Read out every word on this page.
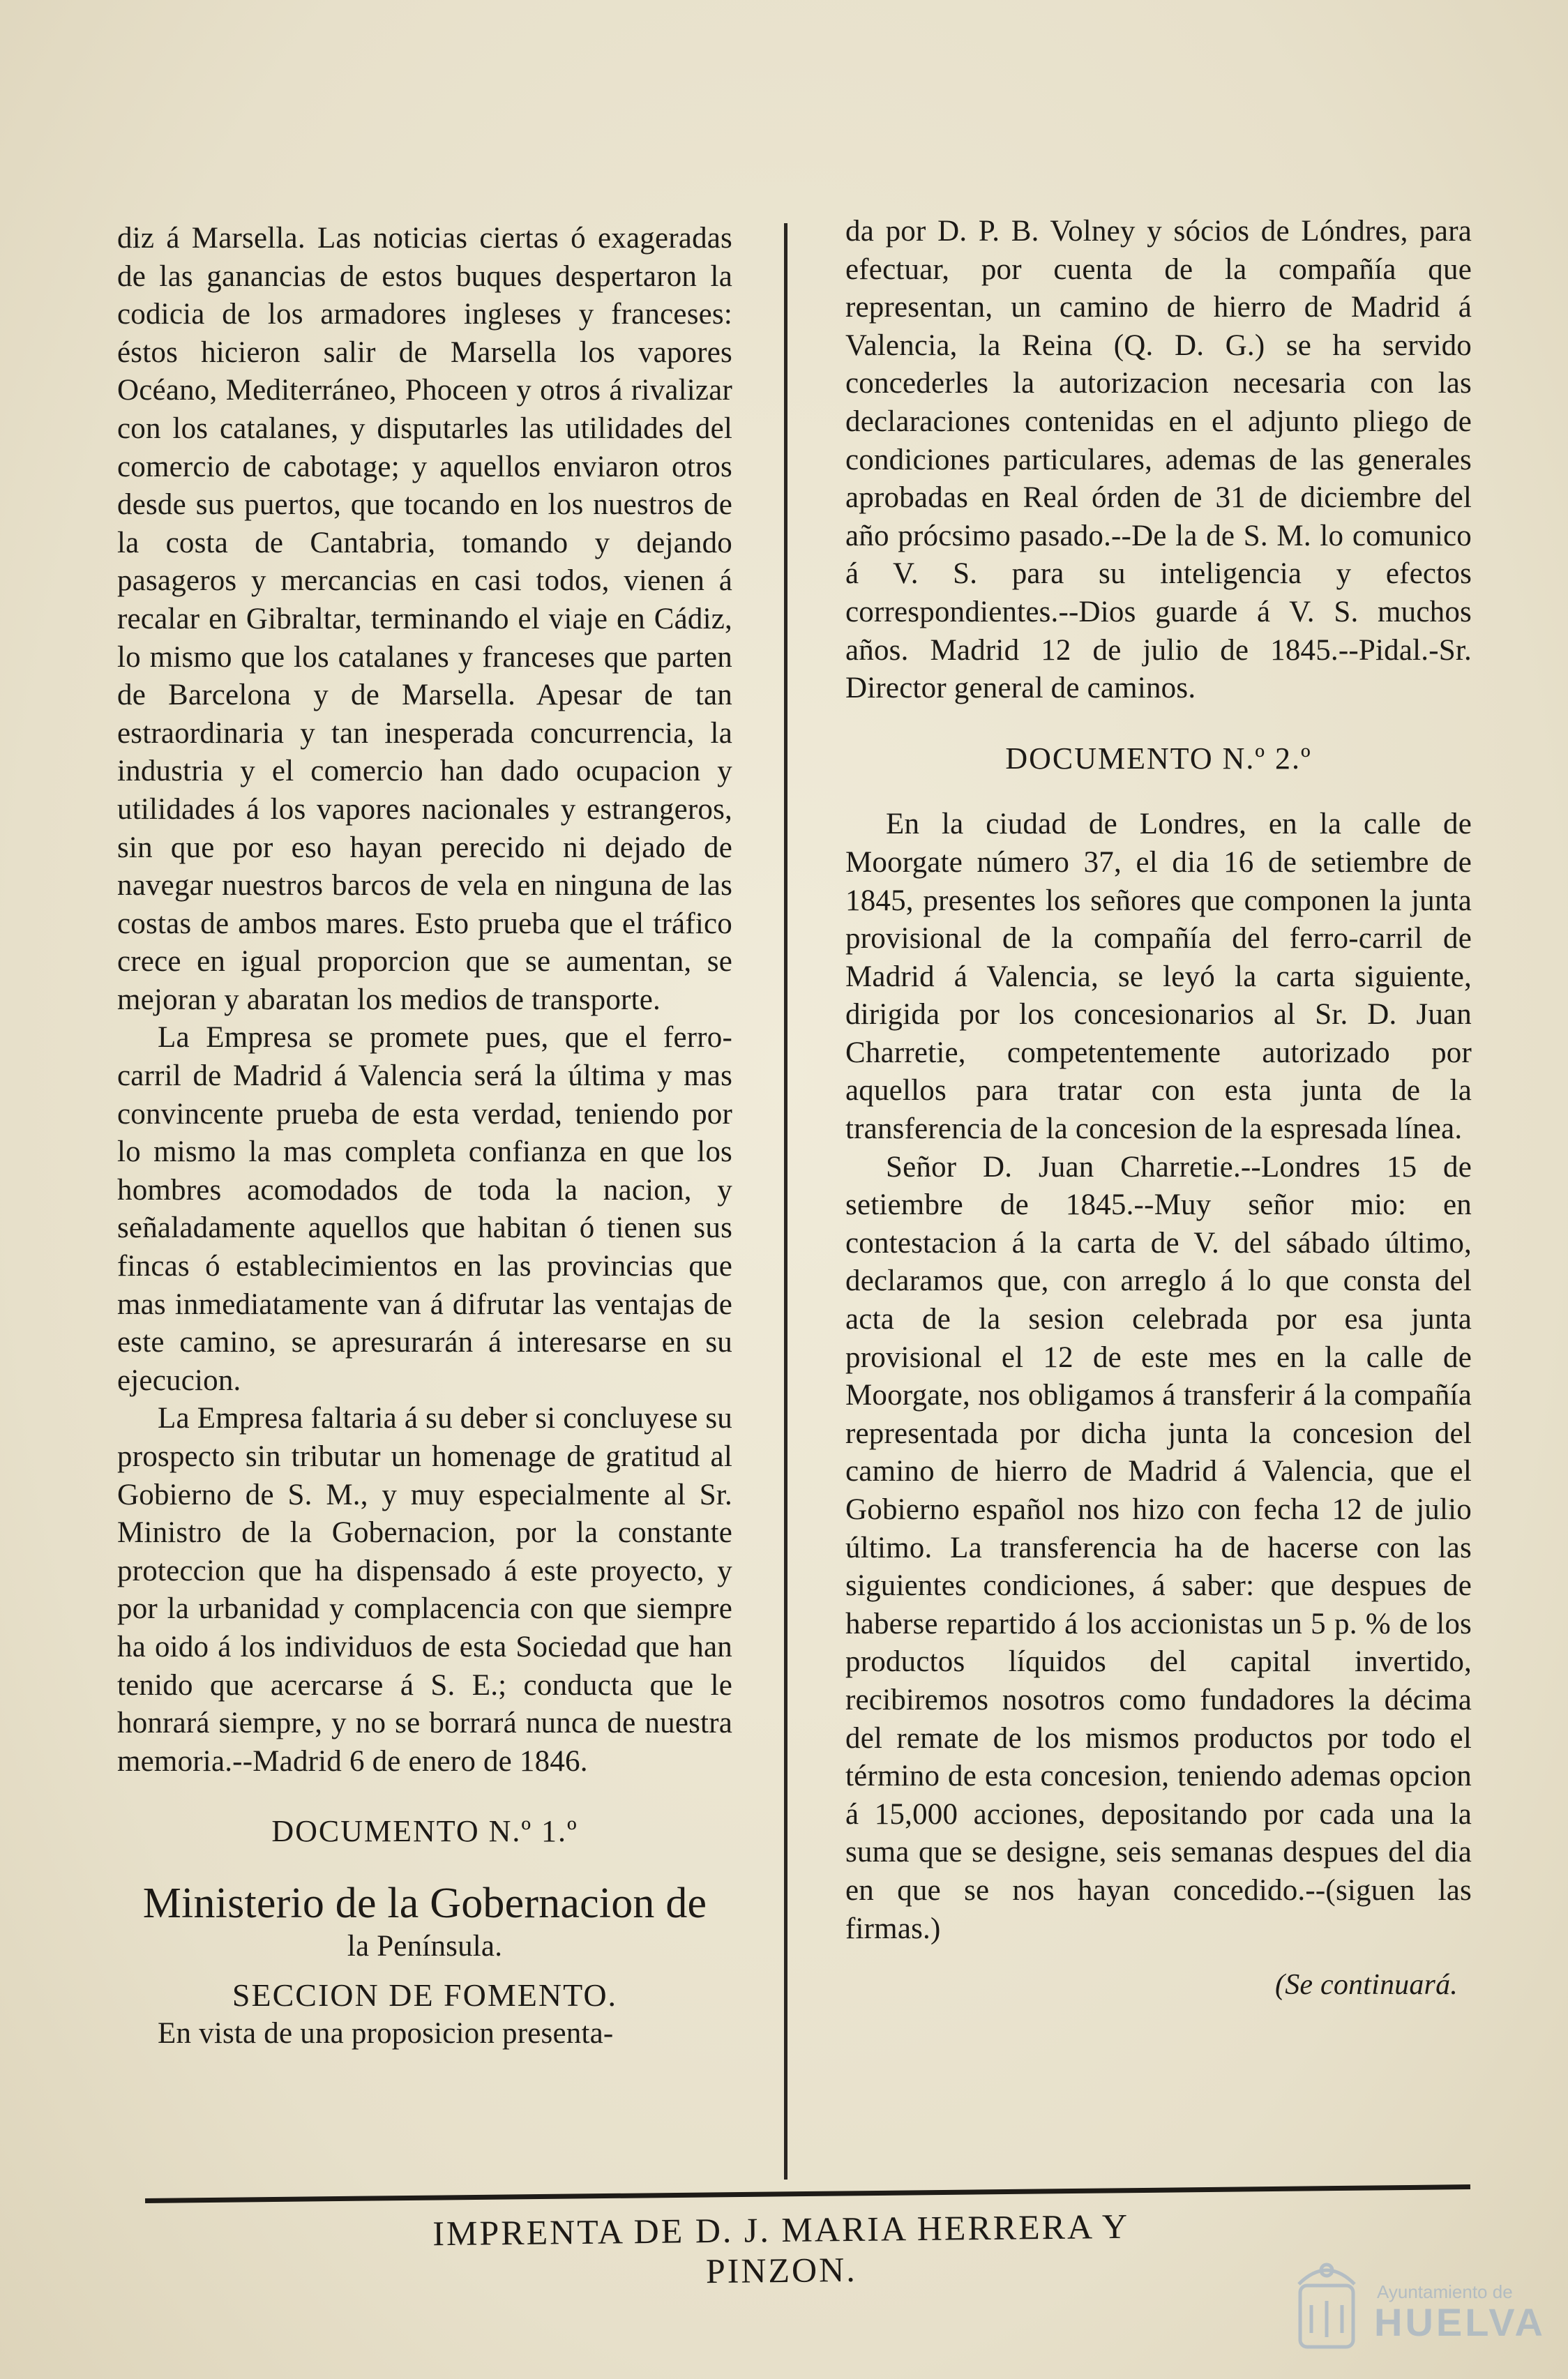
diz á Marsella. Las noticias ciertas ó exageradas de las ganancias de estos buques despertaron la codicia de los armadores ingleses y franceses: éstos hicieron salir de Marsella los vapores Océano, Mediterráneo, Phoceen y otros á rivalizar con los catalanes, y disputarles las utilidades del comercio de cabotage; y aquellos enviaron otros desde sus puertos, que tocando en los nuestros de la costa de Cantabria, tomando y dejando pasageros y mercancias en casi todos, vienen á recalar en Gibraltar, terminando el viaje en Cádiz, lo mismo que los catalanes y franceses que parten de Barcelona y de Marsella. Apesar de tan estraordinaria y tan inesperada concurrencia, la industria y el comercio han dado ocupacion y utilidades á los vapores nacionales y estrangeros, sin que por eso hayan perecido ni dejado de navegar nuestros barcos de vela en ninguna de las costas de ambos mares. Esto prueba que el tráfico crece en igual proporcion que se aumentan, se mejoran y abaratan los medios de transporte.

La Empresa se promete pues, que el ferro-carril de Madrid á Valencia será la última y mas convincente prueba de esta verdad, teniendo por lo mismo la mas completa confianza en que los hombres acomodados de toda la nacion, y señaladamente aquellos que habitan ó tienen sus fincas ó establecimientos en las provincias que mas inmediatamente van á difrutar las ventajas de este camino, se apresurarán á interesarse en su ejecucion.

La Empresa faltaria á su deber si concluyese su prospecto sin tributar un homenage de gratitud al Gobierno de S. M., y muy especialmente al Sr. Ministro de la Gobernacion, por la constante proteccion que ha dispensado á este proyecto, y por la urbanidad y complacencia con que siempre ha oido á los individuos de esta Sociedad que han tenido que acercarse á S. E.; conducta que le honrará siempre, y no se borrará nunca de nuestra memoria.--Madrid 6 de enero de 1846.

DOCUMENTO N.º 1.º
Ministerio de la Gobernacion de
la Península.
SECCION DE FOMENTO.

En vista de una proposicion presenta-

da por D. P. B. Volney y sócios de Lóndres, para efectuar, por cuenta de la compañía que representan, un camino de hierro de Madrid á Valencia, la Reina (Q. D. G.) se ha servido concederles la autorizacion necesaria con las declaraciones contenidas en el adjunto pliego de condiciones particulares, ademas de las generales aprobadas en Real órden de 31 de diciembre del año prócsimo pasado.--De la de S. M. lo comunico á V. S. para su inteligencia y efectos correspondientes.--Dios guarde á V. S. muchos años. Madrid 12 de julio de 1845.--Pidal.-Sr. Director general de caminos.

DOCUMENTO N.º 2.º

En la ciudad de Londres, en la calle de Moorgate número 37, el dia 16 de setiembre de 1845, presentes los señores que componen la junta provisional de la compañía del ferro-carril de Madrid á Valencia, se leyó la carta siguiente, dirigida por los concesionarios al Sr. D. Juan Charretie, competentemente autorizado por aquellos para tratar con esta junta de la transferencia de la concesion de la espresada línea.

Señor D. Juan Charretie.--Londres 15 de setiembre de 1845.--Muy señor mio: en contestacion á la carta de V. del sábado último, declaramos que, con arreglo á lo que consta del acta de la sesion celebrada por esa junta provisional el 12 de este mes en la calle de Moorgate, nos obligamos á transferir á la compañía representada por dicha junta la concesion del camino de hierro de Madrid á Valencia, que el Gobierno español nos hizo con fecha 12 de julio último. La transferencia ha de hacerse con las siguientes condiciones, á saber: que despues de haberse repartido á los accionistas un 5 p. % de los productos líquidos del capital invertido, recibiremos nosotros como fundadores la décima del remate de los mismos productos por todo el término de esta concesion, teniendo ademas opcion á 15,000 acciones, depositando por cada una la suma que se designe, seis semanas despues del dia en que se nos hayan concedido.--(siguen las firmas.)

(Se continuará.
IMPRENTA DE D. J. MARIA HERRERA Y PINZON.
Ayuntamiento de
HUELVA
